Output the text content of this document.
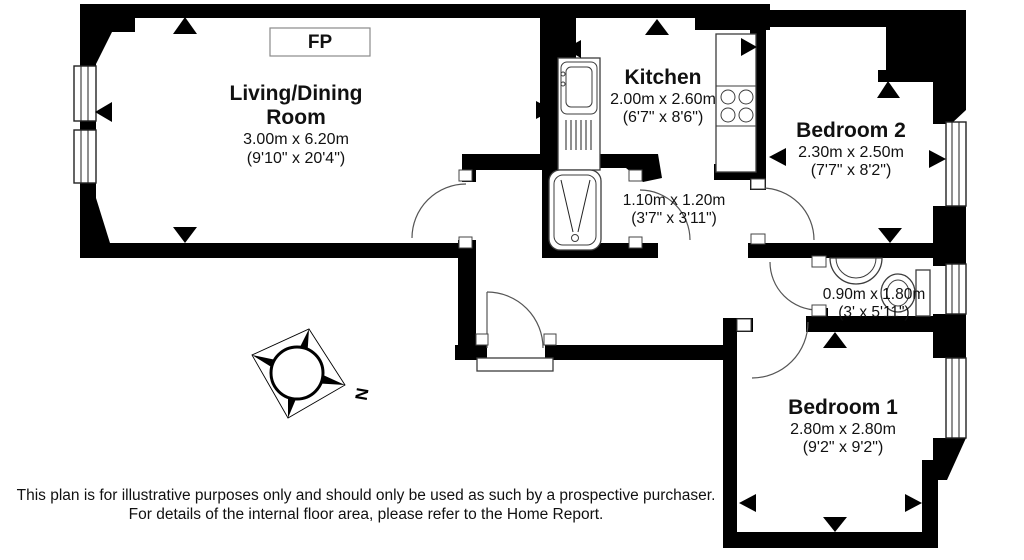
FP
N
Living/Dining
Room
3.00m x 6.20m
(9'10" x 20'4")
Kitchen
2.00m x 2.60m
(6'7" x 8'6")
1.10m x 1.20m
(3'7" x 3'11")
0.90m x 1.80m
(3' x 5'11")
Bedroom 2
2.30m x 2.50m
(7'7" x 8'2")
Bedroom 1
2.80m x 2.80m
(9'2" x 9'2")
This plan is for illustrative purposes only and should only be used as such by a prospective purchaser.
For details of the internal floor area, please refer to the Home Report.
